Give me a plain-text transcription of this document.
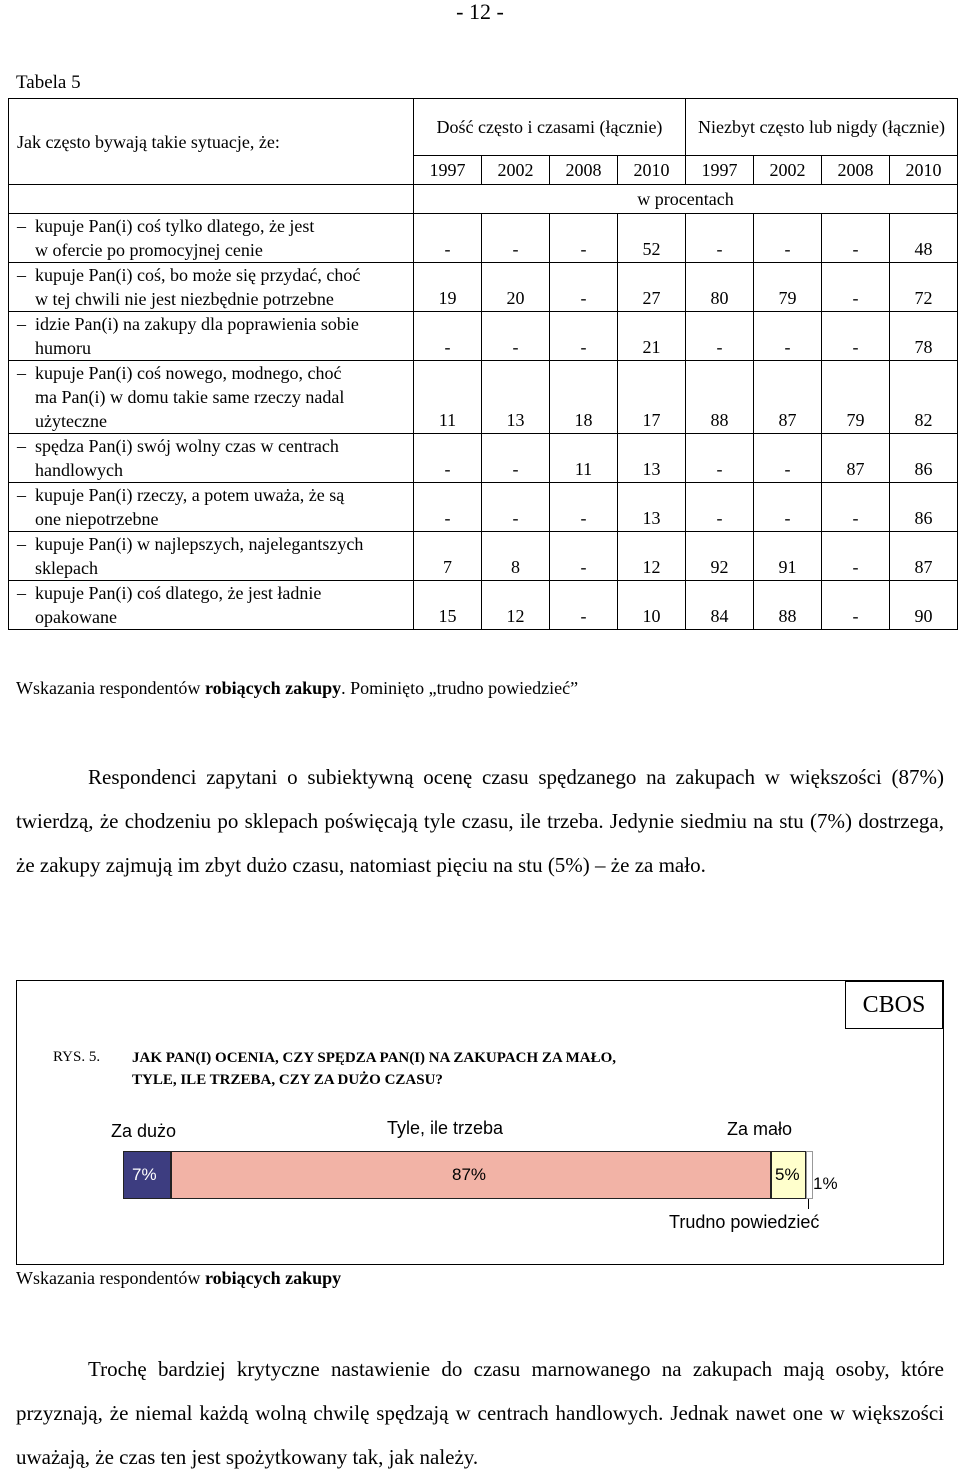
- 12 -
Tabela 5
Jak często bywają takie sytuacje, że:	Dość często i czasami (łącznie)				Niezbyt często lub nigdy (łącznie)			
	1997	2002	2008	2010	1997	2002	2008	2010
	w procentach							

– kupuje Pan(i) coś tylko dlatego, że jest
w ofercie po promocyjnej cenie	-	-	-	52	-	-	-	48

– kupuje Pan(i) coś, bo może się przydać, choć
w tej chwili nie jest niezbędnie potrzebne	19	20	-	27	80	79	-	72

– idzie Pan(i) na zakupy dla poprawienia sobie
humoru	-	-	-	21	-	-	-	78

– kupuje Pan(i) coś nowego, modnego, choć
ma Pan(i) w domu takie same rzeczy nadal
użyteczne	11	13	18	17	88	87	79	82

– spędza Pan(i) swój wolny czas w centrach
handlowych	-	-	11	13	-	-	87	86

– kupuje Pan(i) rzeczy, a potem uważa, że są
one niepotrzebne	-	-	-	13	-	-	-	86

– kupuje Pan(i) w najlepszych, najelegantszych
sklepach	7	8	-	12	92	91	-	87

– kupuje Pan(i) coś dlatego, że jest ładnie
opakowane	15	12	-	10	84	88	-	90
Wskazania respondentów robiących zakupy. Pominięto „trudno powiedzieć”
Respondenci zapytani o subiektywną ocenę czasu spędzanego na zakupach w większości (87%) twierdzą, że chodzeniu po sklepach poświęcają tyle czasu, ile trzeba. Jedynie siedmiu na stu (7%) dostrzega, że zakupy zajmują im zbyt dużo czasu, natomiast pięciu na stu (5%) – że za mało.
CBOS
RYS. 5. JAK PAN(I) OCENIA, CZY SPĘDZA PAN(I) NA ZAKUPACH ZA MAŁO,
TYLE, ILE TRZEBA, CZY ZA DUŻO CZASU?
Za dużo	Tyle, ile trzeba	Za mało
Trudno powiedzieć
7%	87%	5% 1%
Wskazania respondentów robiących zakupy
Trochę bardziej krytyczne nastawienie do czasu marnowanego na zakupach mają osoby, które przyznają, że niemal każdą wolną chwilę spędzają w centrach handlowych. Jednak nawet one w większości uważają, że czas ten jest spożytkowany tak, jak należy.
